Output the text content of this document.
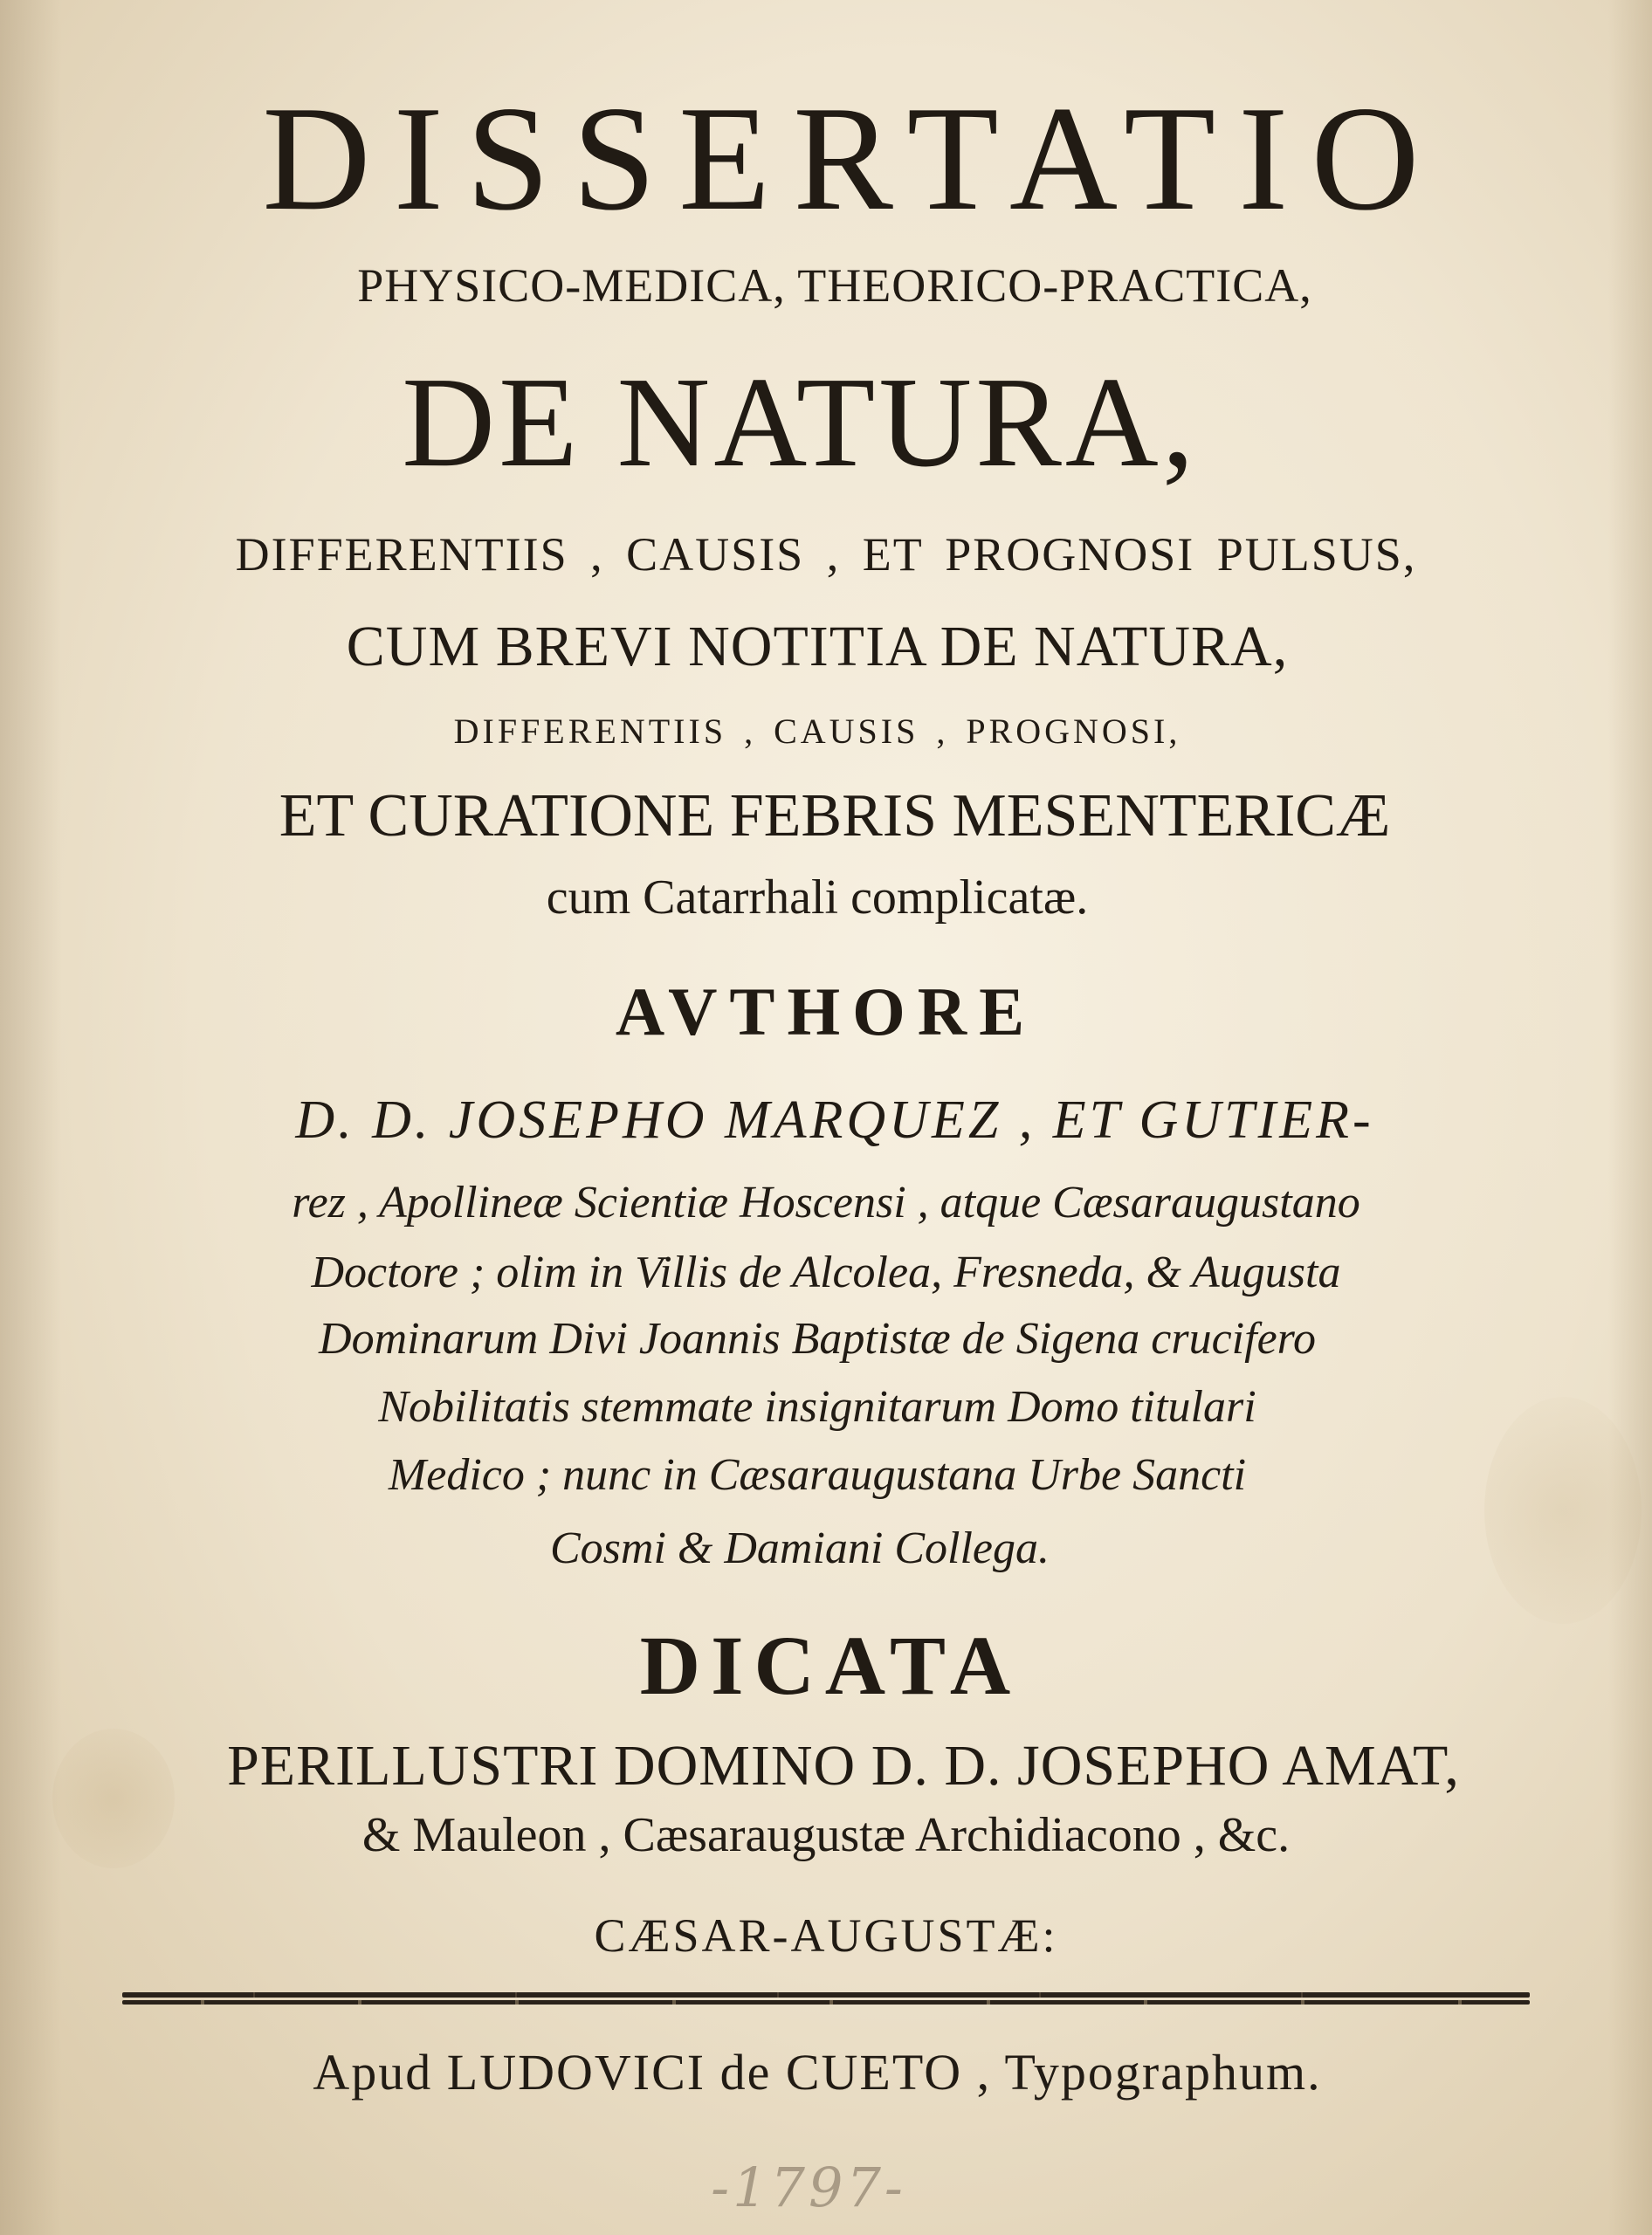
DISSERTATIO
PHYSICO-MEDICA, THEORICO-PRACTICA,
DE NATURA,
DIFFERENTIIS , CAUSIS , ET PROGNOSI PULSUS,
CUM BREVI NOTITIA DE NATURA,
DIFFERENTIIS , CAUSIS , PROGNOSI,
ET CURATIONE FEBRIS MESENTERICÆ
cum Catarrhali complicatæ.
AVTHORE
D. D. JOSEPHO MARQUEZ , ET GUTIER-
rez , Apollineæ Scientiæ Hoscensi , atque Cæsaraugustano
Doctore ; olim in Villis de Alcolea, Fresneda, & Augusta
Dominarum Divi Joannis Baptistæ de Sigena crucifero
Nobilitatis stemmate insignitarum Domo titulari
Medico ; nunc in Cæsaraugustana Urbe Sancti
Cosmi & Damiani Collega.
DICATA
PERILLUSTRI DOMINO D. D. JOSEPHO AMAT,
& Mauleon , Cæsaraugustæ Archidiacono , &c.
CÆSAR-AUGUSTÆ:
Apud LUDOVICI de CUETO , Typographum.
-1797-
